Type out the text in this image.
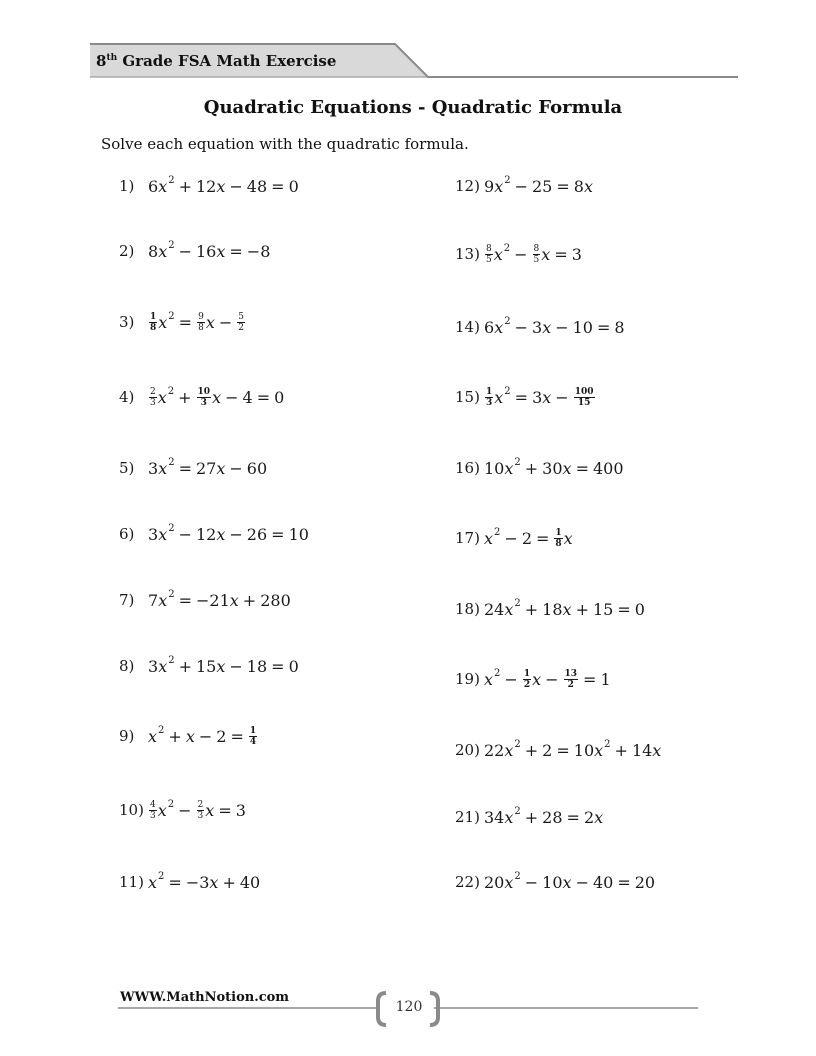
8th Grade FSA Math Exercise
Quadratic Equations - Quadratic Formula
Solve each equation with the quadratic formula.
1) 6 $x^2 + 12$ x − 48 = 0
2) 8 $x^2 - 16$ x = −8
3)	$\frac{1}{8} x^2 = \frac{9}{8}$ $x - \frac{5}{2}$
4)	$\frac{2}{3} x^2 + \frac{10}{3}$ x − 4 = 0
5) 3 $x^2 = 27$ x − 60
6) 3 $x^2 - 12$ x − 26 = 10
7) 7 $x^2 = -21$ x + 280
8) 3 $x^2 + 15$ x − 18 = 0
9) $x^2 + x - 2 = \frac{1}{4}$
$10) \frac{4}{3} x^2 - \frac{2}{3}$ x = 3
11) $x^2 = -3$ x + 40
12) 9 $x^2 - 25 = 8$ x
$13) \frac{8}{5} x^2 - \frac{8}{5}$ x = 3
14) 6 $x^2 - 3$ x − 10 = 8
$15) \frac{1}{3} x^2 = 3$ $x - \frac{100}{15}$
16) 10 $x^2 + 30$ x = 400
17) $x^2 - 2 = \frac{1}{8}$ x
18) 24 $x^2 + 18$ x + 15 = 0
19) $x^2 - \frac{1}{2}$ $x - \frac{13}{2} = 1$
20) 22 $x^2 + 2 = 10$ $x^2 + 14$ x
21) 34 $x^2 + 28 = 2$ x
22) 20 $x^2 - 10$ x − 40 = 20
WWW.MathNotion.com
120
